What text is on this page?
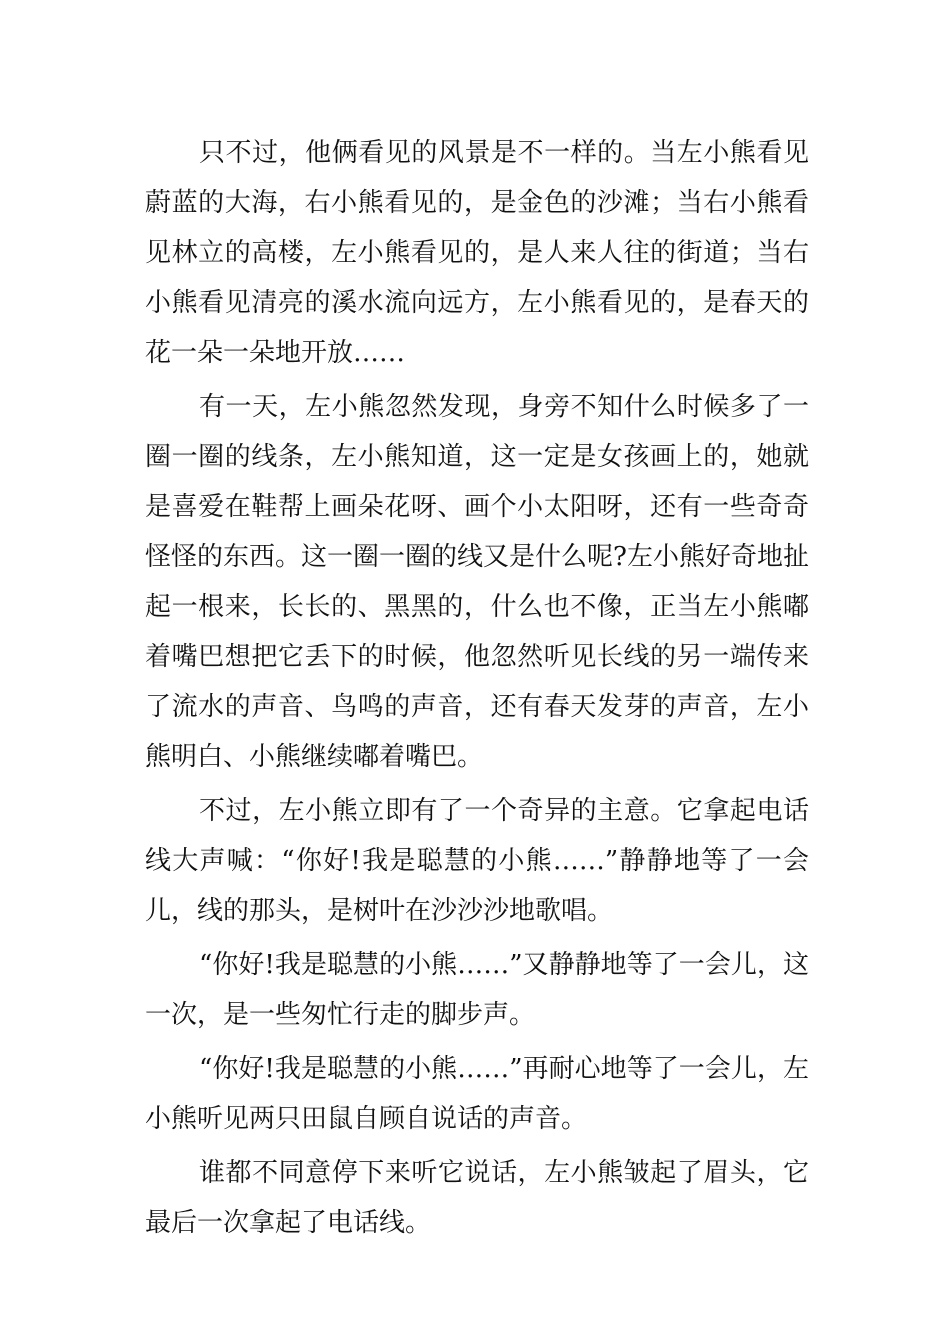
只不过，他俩看见的风景是不一样的。当左小熊看见蔚蓝的大海，右小熊看见的，是金色的沙滩；当右小熊看见林立的高楼，左小熊看见的，是人来人往的街道；当右小熊看见清亮的溪水流向远方，左小熊看见的，是春天的花一朵一朵地开放……

有一天，左小熊忽然发现，身旁不知什么时候多了一圈一圈的线条，左小熊知道，这一定是女孩画上的，她就是喜爱在鞋帮上画朵花呀、画个小太阳呀，还有一些奇奇怪怪的东西。这一圈一圈的线又是什么呢?左小熊好奇地扯起一根来，长长的、黑黑的，什么也不像，正当左小熊嘟着嘴巴想把它丢下的时候，他忽然听见长线的另一端传来了流水的声音、鸟鸣的声音，还有春天发芽的声音，左小熊明白、小熊继续嘟着嘴巴。

不过，左小熊立即有了一个奇异的主意。它拿起电话线大声喊：“你好!我是聪慧的小熊……”静静地等了一会儿，线的那头，是树叶在沙沙沙地歌唱。

“你好!我是聪慧的小熊……”又静静地等了一会儿，这一次，是一些匆忙行走的脚步声。

“你好!我是聪慧的小熊……”再耐心地等了一会儿，左小熊听见两只田鼠自顾自说话的声音。

谁都不同意停下来听它说话，左小熊皱起了眉头，它最后一次拿起了电话线。
